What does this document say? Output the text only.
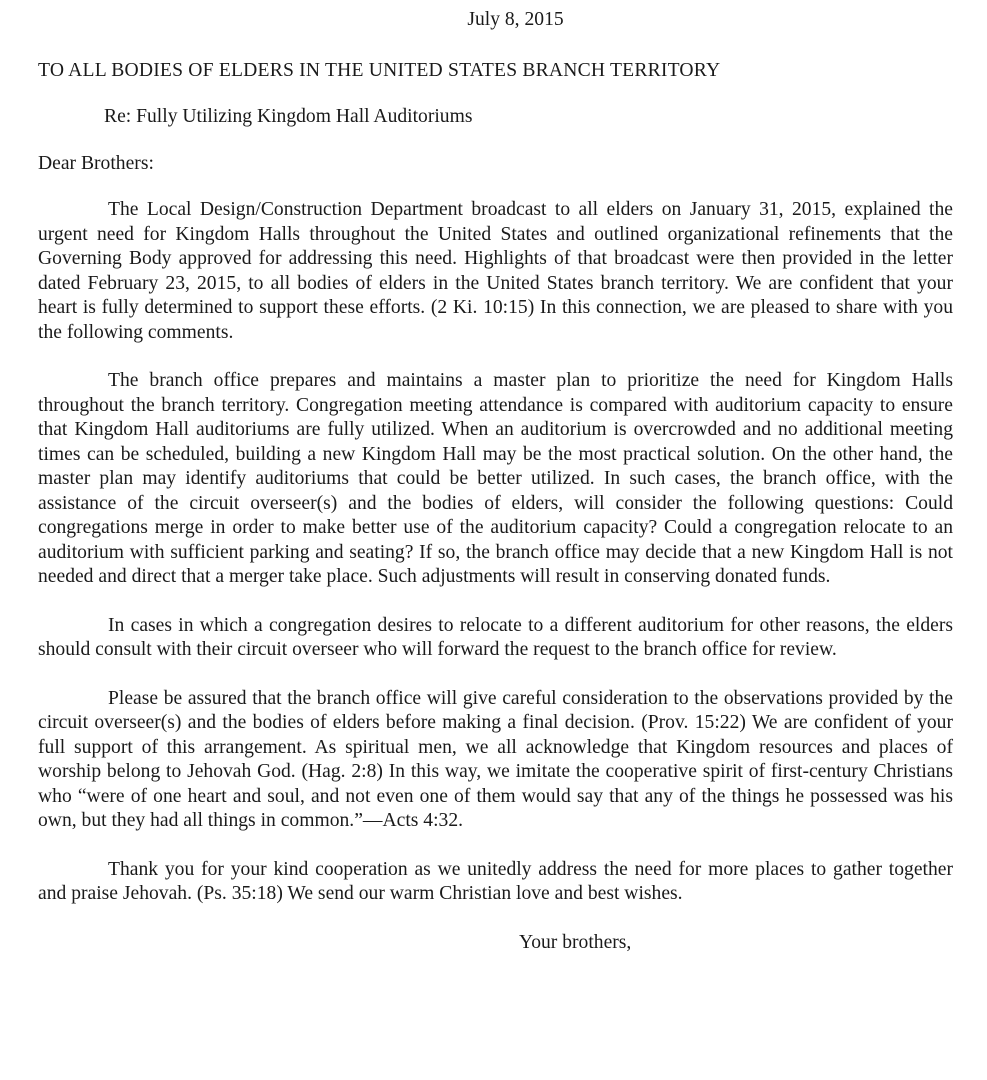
July 8, 2015

TO ALL BODIES OF ELDERS IN THE UNITED STATES BRANCH TERRITORY

Re: Fully Utilizing Kingdom Hall Auditoriums

Dear Brothers:

The Local Design/Construction Department broadcast to all elders on January 31, 2015, explained the urgent need for Kingdom Halls throughout the United States and outlined organizational refinements that the Governing Body approved for addressing this need. Highlights of that broadcast were then provided in the letter dated February 23, 2015, to all bodies of elders in the United States branch territory. We are confident that your heart is fully determined to support these efforts. (2 Ki. 10:15) In this connection, we are pleased to share with you the following comments.

The branch office prepares and maintains a master plan to prioritize the need for Kingdom Halls throughout the branch territory. Congregation meeting attendance is compared with auditorium capacity to ensure that Kingdom Hall auditoriums are fully utilized. When an auditorium is overcrowded and no additional meeting times can be scheduled, building a new Kingdom Hall may be the most practical solution. On the other hand, the master plan may identify auditoriums that could be better utilized. In such cases, the branch office, with the assistance of the circuit overseer(s) and the bodies of elders, will consider the following questions: Could congregations merge in order to make better use of the auditorium capacity? Could a congregation relocate to an auditorium with sufficient parking and seating? If so, the branch office may decide that a new Kingdom Hall is not needed and direct that a merger take place. Such adjustments will result in conserving donated funds.

In cases in which a congregation desires to relocate to a different auditorium for other reasons, the elders should consult with their circuit overseer who will forward the request to the branch office for review.

Please be assured that the branch office will give careful consideration to the observations provided by the circuit overseer(s) and the bodies of elders before making a final decision. (Prov. 15:22) We are confident of your full support of this arrangement. As spiritual men, we all acknowledge that Kingdom resources and places of worship belong to Jehovah God. (Hag. 2:8) In this way, we imitate the cooperative spirit of first-century Christians who “were of one heart and soul, and not even one of them would say that any of the things he possessed was his own, but they had all things in common.”—Acts 4:32.

Thank you for your kind cooperation as we unitedly address the need for more places to gather together and praise Jehovah. (Ps. 35:18) We send our warm Christian love and best wishes.

Your brothers,
